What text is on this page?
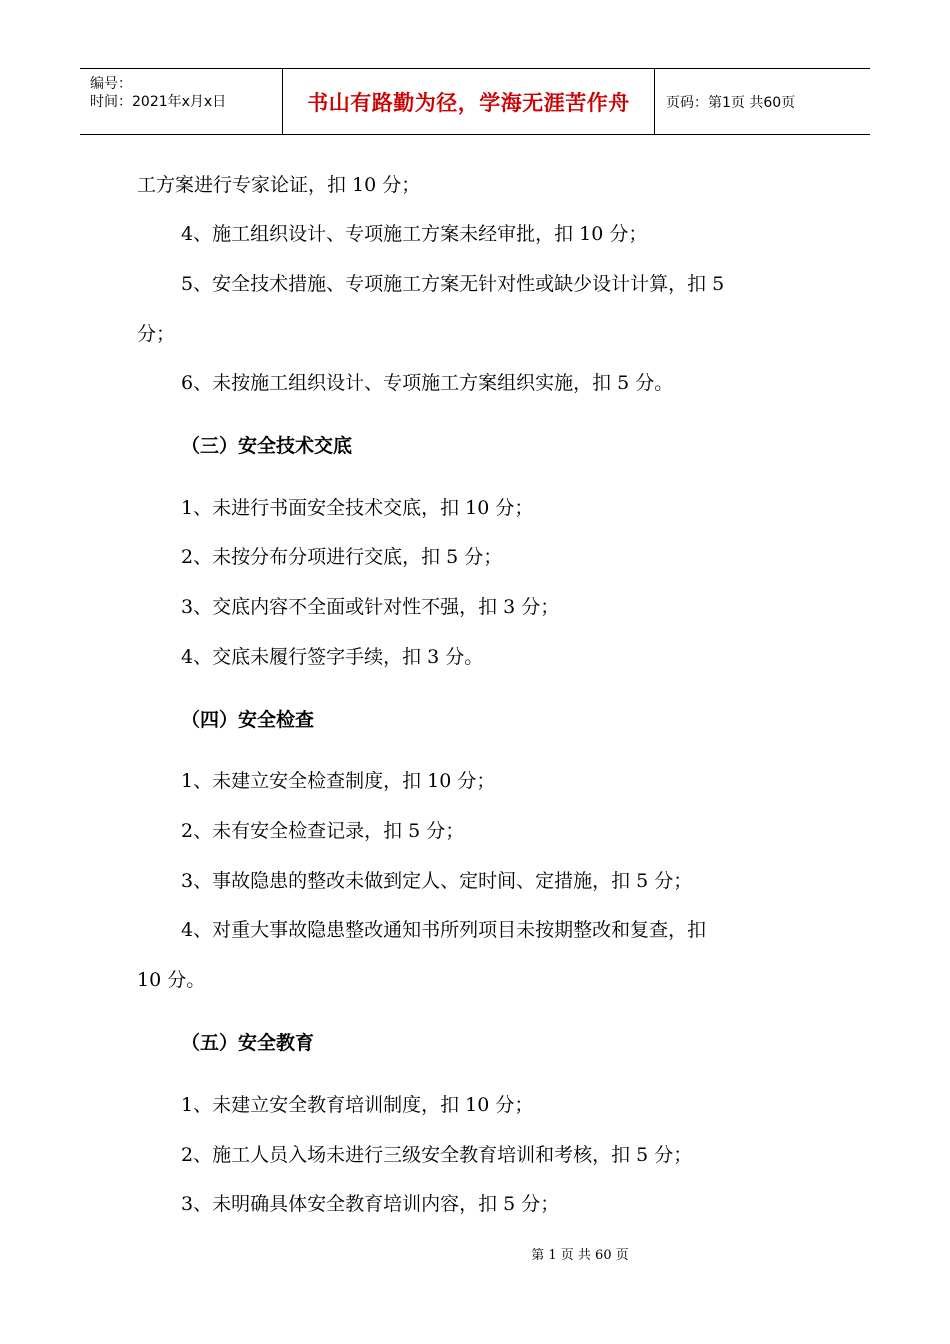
编号：
时间：2021年x月x日	书山有路勤为径，学海无涯苦作舟	页码：第1页 共60页
工方案进行专家论证，扣 10 分；
4、施工组织设计、专项施工方案未经审批，扣 10 分；
5、安全技术措施、专项施工方案无针对性或缺少设计计算，扣 5
分；
6、未按施工组织设计、专项施工方案组织实施，扣 5 分。
（三）安全技术交底
1、未进行书面安全技术交底，扣 10 分；
2、未按分布分项进行交底，扣 5 分；
3、交底内容不全面或针对性不强，扣 3 分；
4、交底未履行签字手续，扣 3 分。
（四）安全检查
1、未建立安全检查制度，扣 10 分；
2、未有安全检查记录，扣 5 分；
3、事故隐患的整改未做到定人、定时间、定措施，扣 5 分；
4、对重大事故隐患整改通知书所列项目未按期整改和复查，扣
10 分。
（五）安全教育
1、未建立安全教育培训制度，扣 10 分；
2、施工人员入场未进行三级安全教育培训和考核，扣 5 分；
3、未明确具体安全教育培训内容，扣 5 分；
第 1 页 共 60 页
